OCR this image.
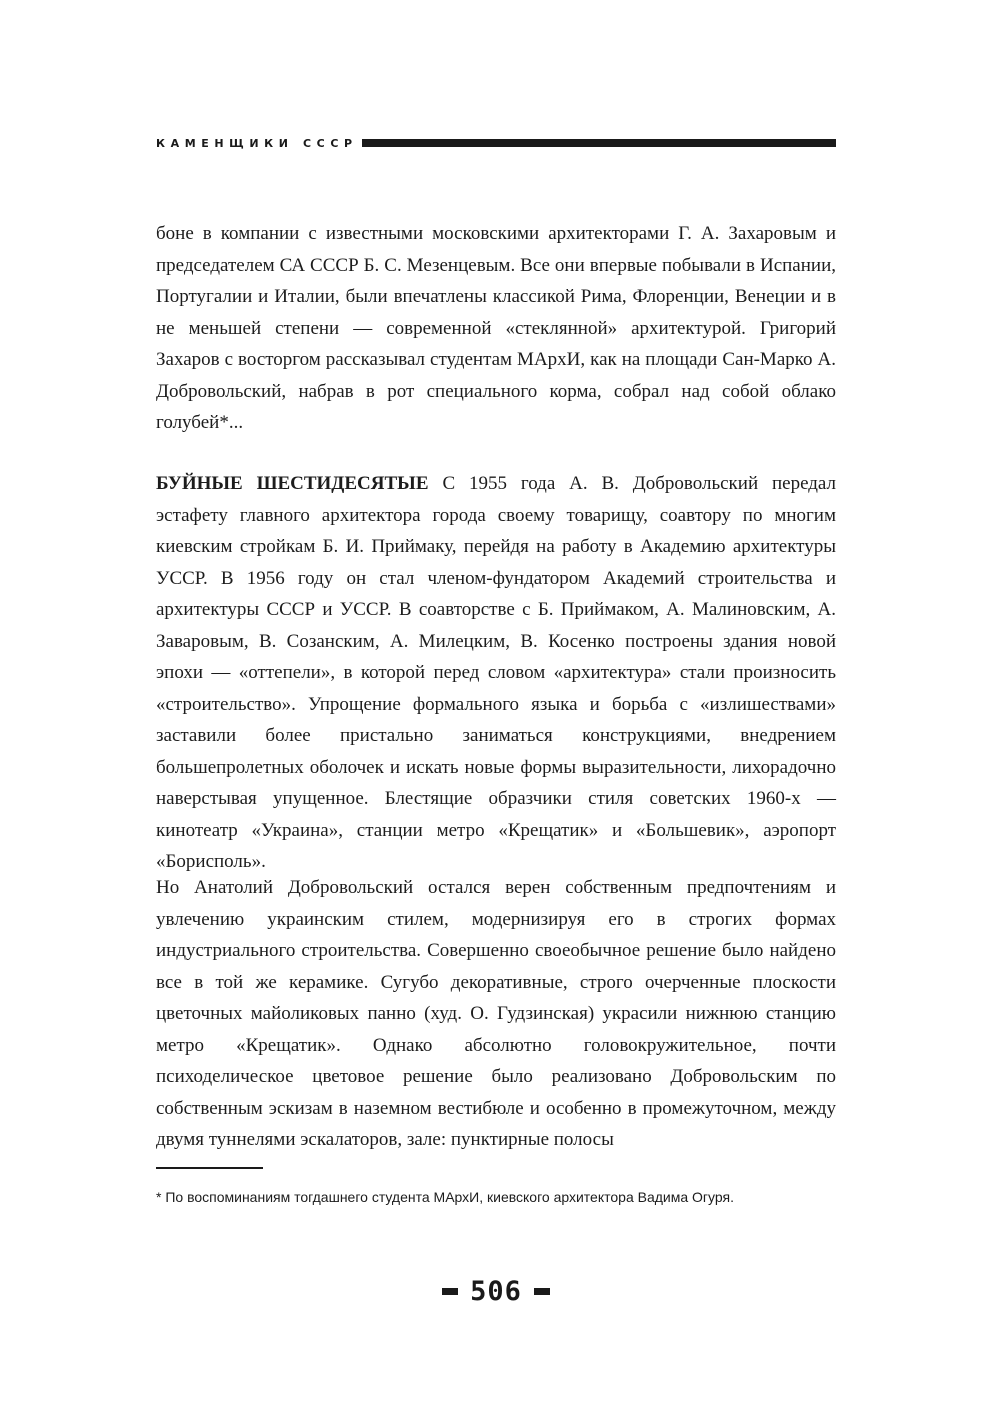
КАМЕНЩИКИ СССР

боне в компании с известными московскими архитекторами Г. А. Захаровым и председателем СА СССР Б. С. Мезенцевым. Все они впервые побывали в Испании, Португалии и Италии, были впечатлены классикой Рима, Флоренции, Венеции и в не меньшей степени — современной «стеклянной» архитектурой. Григорий Захаров с восторгом рассказывал студентам МАрхИ, как на площади Сан-Марко А. Добровольский, набрав в рот специального корма, собрал над собой облако голубей*...

БУЙНЫЕ ШЕСТИДЕСЯТЫЕ С 1955 года А. В. Добровольский передал эстафету главного архитектора города своему товарищу, соавтору по многим киевским стройкам Б. И. Приймаку, перейдя на работу в Академию архитектуры УССР. В 1956 году он стал членом-фундатором Академий строительства и архитектуры СССР и УССР. В соавторстве с Б. Приймаком, А. Малиновским, А. Заваровым, В. Созанским, А. Милецким, В. Косенко построены здания новой эпохи — «оттепели», в которой перед словом «архитектура» стали произносить «строительство». Упрощение формального языка и борьба с «излишествами» заставили более пристально заниматься конструкциями, внедрением большепролетных оболочек и искать новые формы выразительности, лихорадочно наверстывая упущенное. Блестящие образчики стиля советских 1960-х — кинотеатр «Украина», станции метро «Крещатик» и «Большевик», аэропорт «Борисполь».

Но Анатолий Добровольский остался верен собственным предпочтениям и увлечению украинским стилем, модернизируя его в строгих формах индустриального строительства. Совершенно своеобычное решение было найдено все в той же керамике. Сугубо декоративные, строго очерченные плоскости цветочных майоликовых панно (худ. О. Гудзинская) украсили нижнюю станцию метро «Крещатик». Однако абсолютно головокружительное, почти психоделическое цветовое решение было реализовано Добровольским по собственным эскизам в наземном вестибюле и особенно в промежуточном, между двумя туннелями эскалаторов, зале: пунктирные полосы

* По воспоминаниям тогдашнего студента МАрхИ, киевского архитектора Вадима Огуря.

506
